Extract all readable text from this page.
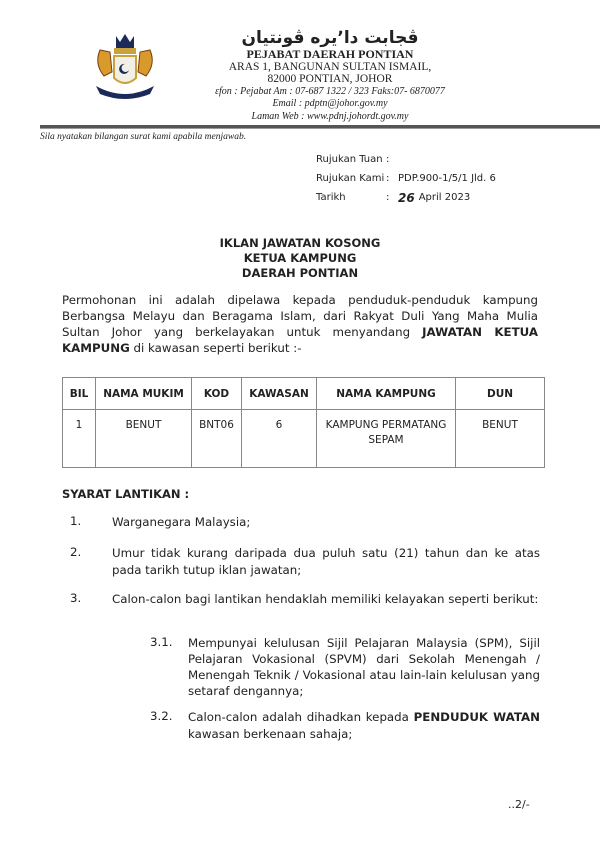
ڤجابت دا٬يره ڤونتيان
PEJABAT DAERAH PONTIAN
ARAS 1, BANGUNAN SULTAN ISMAIL,
82000 PONTIAN, JOHOR
ɛfon : Pejabat Am : 07-687 1322 / 323 Faks:07- 6870077
Email : pdptn@johor.gov.my
Laman Web : www.pdnj.johordt.gov.my
Sila nyatakan bilangan surat kami apabila menjawab.
Rujukan Tuan :
Rujukan Kami : PDP.900-1/5/1 Jld. 6
Tarikh	: 26 April 2023
IKLAN JAWATAN KOSONG
KETUA KAMPUNG
DAERAH PONTIAN
Permohonan ini adalah dipelawa kepada penduduk-penduduk kampung Berbangsa Melayu dan Beragama Islam, dari Rakyat Duli Yang Maha Mulia Sultan Johor yang berkelayakan untuk menyandang JAWATAN KETUA KAMPUNG di kawasan seperti berikut :-
BIL	NAMA MUKIM	KOD	KAWASAN	NAMA KAMPUNG	DUN
1	BENUT	BNT06	6	KAMPUNG PERMATANG SEPAM	BENUT
SYARAT LANTIKAN :
1.	Warganegara Malaysia;
2.	Umur tidak kurang daripada dua puluh satu (21) tahun dan ke atas pada tarikh tutup iklan jawatan;
3.	Calon-calon bagi lantikan hendaklah memiliki kelayakan seperti berikut:
3.1. Mempunyai kelulusan Sijil Pelajaran Malaysia (SPM), Sijil Pelajaran Vokasional (SPVM) dari Sekolah Menengah / Menengah Teknik / Vokasional atau lain-lain kelulusan yang setaraf dengannya;
3.2. Calon-calon adalah dihadkan kepada PENDUDUK WATAN kawasan berkenaan sahaja;
..2/-
